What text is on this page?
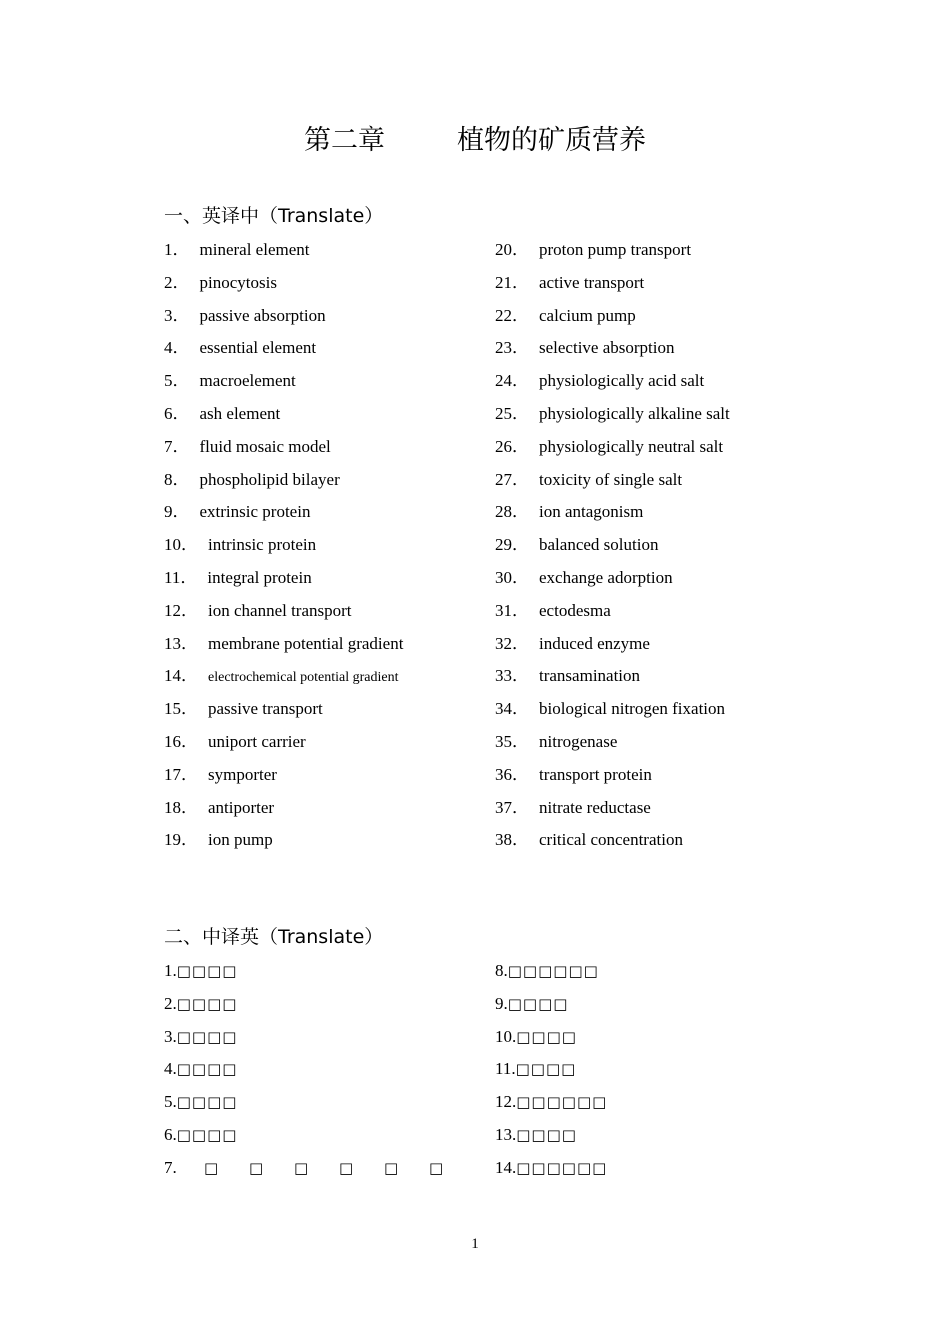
第二章	植物的矿质营养
一、英译中（Translate）
1． mineral element
2． pinocytosis
3． passive absorption
4． essential element
5． macroelement
6． ash element
7． fluid mosaic model
8． phospholipid bilayer
9． extrinsic protein
10． intrinsic protein
11． integral protein
12． ion channel transport
13． membrane potential gradient
14． electrochemical potential gradient
15． passive transport
16． uniport carrier
17． symporter
18． antiporter
19． ion pump
20． proton pump transport
21． active transport
22． calcium pump
23． selective absorption
24． physiologically acid salt
25． physiologically alkaline salt
26． physiologically neutral salt
27． toxicity of single salt
28． ion antagonism
29． balanced solution
30． exchange adorption
31． ectodesma
32． induced enzyme
33． transamination
34． biological nitrogen fixation
35． nitrogenase
36． transport protein
37． nitrate reductase
38． critical concentration
二、中译英（Translate）
1.□□□□
2.□□□□
3.□□□□
4.□□□□
5.□□□□
6.□□□□
7. □ □ □ □ □ □
8.□□□□□□
9.□□□□
10.□□□□
11.□□□□
12.□□□□□□
13.□□□□
14.□□□□□□
1
